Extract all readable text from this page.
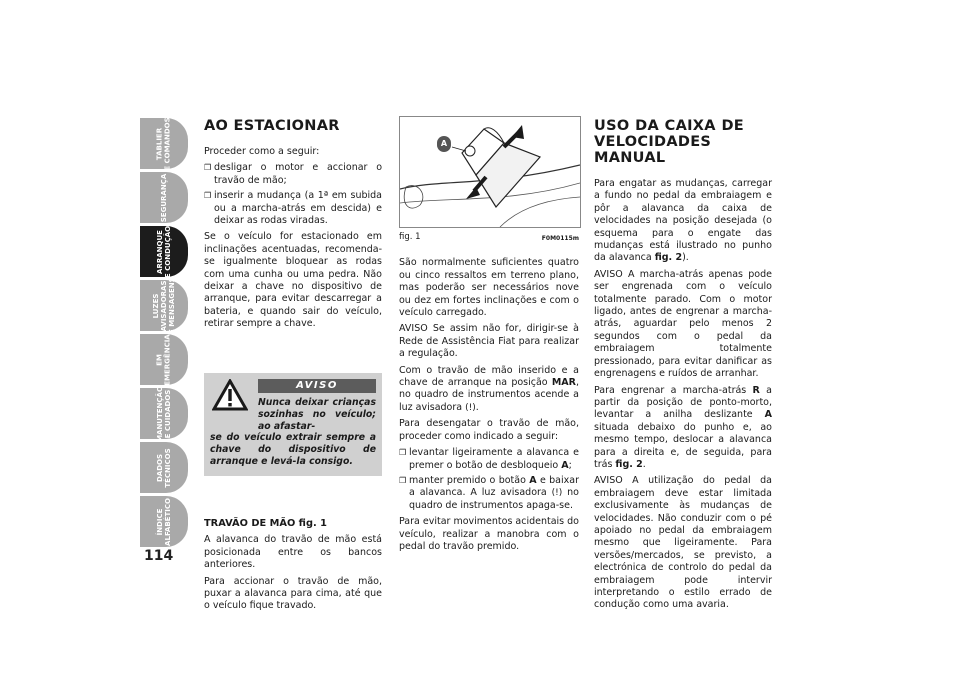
TABLIER
E COMANDOS
SEGURANÇA
ARRANQUE
E CONDUÇÃO
LUZES
AVISADORAS
E MENSAGENS
EM
EMERGÊNCIA
MANUTENÇÃO
E CUIDADOS
DADOS
TÉCNICOS
ÍNDICE
ALFABÉTICO
114
AO ESTACIONAR

Proceder como a seguir:

❒ desligar o motor e accionar o travão de mão;
❒ inserir a mudança (a 1ª em subida ou a marcha-atrás em descida) e deixar as rodas viradas.

Se o veículo for estacionado em inclinações acentuadas, recomenda-se igualmente bloquear as rodas com uma cunha ou uma pedra. Não deixar a chave no dispositivo de arranque, para evitar descarregar a bateria, e quando sair do veículo, retirar sempre a chave.

AVISO
Nunca deixar crianças sozinhas no veículo; ao afastar-
se do veículo extrair sempre a chave do dispositivo de arranque e levá-la consigo.
TRAVÃO DE MÃO fig. 1

A alavanca do travão de mão está posicionada entre os bancos anteriores.

Para accionar o travão de mão, puxar a alavanca para cima, até que o veículo fique travado.

A
fig. 1	F0M0115m

São normalmente suficientes quatro ou cinco ressaltos em terreno plano, mas poderão ser necessários nove ou dez em fortes inclinações e com o veículo carregado.

AVISO Se assim não for, dirigir-se à Rede de Assistência Fiat para realizar a regulação.

Com o travão de mão inserido e a chave de arranque na posição MAR, no quadro de instrumentos acende a luz avisadora (!).

Para desengatar o travão de mão, proceder como indicado a seguir:

❒ levantar ligeiramente a alavanca e premer o botão de desbloqueio A;
❒ manter premido o botão A e baixar a alavanca. A luz avisadora (!) no quadro de instrumentos apaga-se.

Para evitar movimentos acidentais do veículo, realizar a manobra com o pedal do travão premido.

USO DA CAIXA DE VELOCIDADES MANUAL

Para engatar as mudanças, carregar a fundo no pedal da embraiagem e pôr a alavanca da caixa de velocidades na posição desejada (o esquema para o engate das mudanças está ilustrado no punho da alavanca fig. 2).

AVISO A marcha-atrás apenas pode ser engrenada com o veículo totalmente parado. Com o motor ligado, antes de engrenar a marcha-atrás, aguardar pelo menos 2 segundos com o pedal da embraiagem totalmente pressionado, para evitar danificar as engrenagens e ruídos de arranhar.

Para engrenar a marcha-atrás R a partir da posição de ponto-morto, levantar a anilha deslizante A situada debaixo do punho e, ao mesmo tempo, deslocar a alavanca para a direita e, de seguida, para trás fig. 2.

AVISO A utilização do pedal da embraiagem deve estar limitada exclusivamente às mudanças de velocidades. Não conduzir com o pé apoiado no pedal da embraiagem mesmo que ligeiramente. Para versões/mercados, se previsto, a electrónica de controlo do pedal da embraiagem pode intervir interpretando o estilo errado de condução como uma avaria.
